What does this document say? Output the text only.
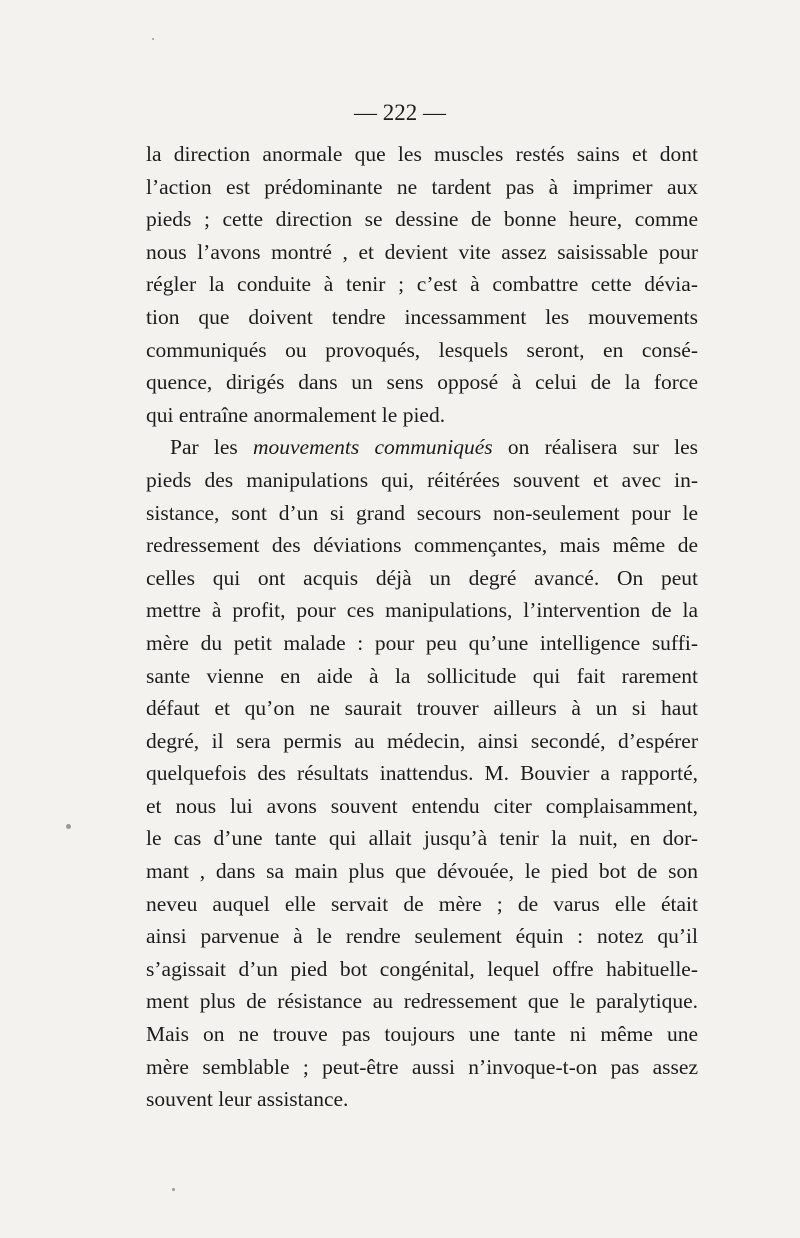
— 222 —
la direction anormale que les muscles restés sains et dont
l’action est prédominante ne tardent pas à imprimer aux
pieds ; cette direction se dessine de bonne heure, comme
nous l’avons montré , et devient vite assez saisissable pour
régler la conduite à tenir ; c’est à combattre cette dévia-
tion que doivent tendre incessamment les mouvements
communiqués ou provoqués, lesquels seront, en consé-
quence, dirigés dans un sens opposé à celui de la force
qui entraîne anormalement le pied.
Par les mouvements communiqués on réalisera sur les
pieds des manipulations qui, réitérées souvent et avec in-
sistance, sont d’un si grand secours non-seulement pour le
redressement des déviations commençantes, mais même de
celles qui ont acquis déjà un degré avancé. On peut
mettre à profit, pour ces manipulations, l’intervention de la
mère du petit malade : pour peu qu’une intelligence suffi-
sante vienne en aide à la sollicitude qui fait rarement
défaut et qu’on ne saurait trouver ailleurs à un si haut
degré, il sera permis au médecin, ainsi secondé, d’espérer
quelquefois des résultats inattendus. M. Bouvier a rapporté,
et nous lui avons souvent entendu citer complaisamment,
le cas d’une tante qui allait jusqu’à tenir la nuit, en dor-
mant , dans sa main plus que dévouée, le pied bot de son
neveu auquel elle servait de mère ; de varus elle était
ainsi parvenue à le rendre seulement équin : notez qu’il
s’agissait d’un pied bot congénital, lequel offre habituelle-
ment plus de résistance au redressement que le paralytique.
Mais on ne trouve pas toujours une tante ni même une
mère semblable ; peut-être aussi n’invoque-t-on pas assez
souvent leur assistance.
